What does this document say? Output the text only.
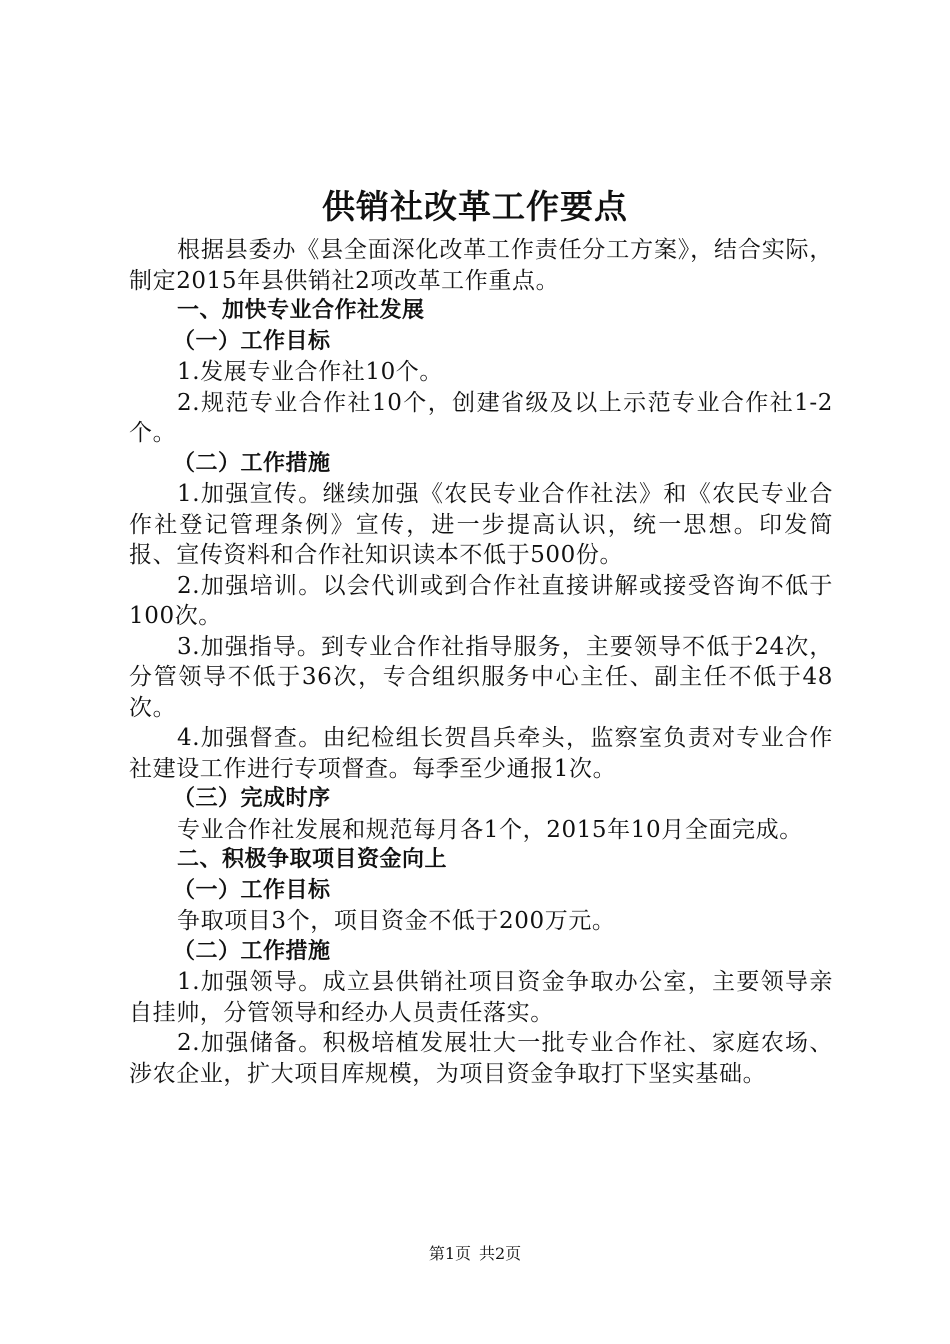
供销社改革工作要点

根据县委办《县全面深化改革工作责任分工方案》，结合实际，制定2015年县供销社2项改革工作重点。

一、加快专业合作社发展

（一）工作目标

1.发展专业合作社10个。

2.规范专业合作社10个，创建省级及以上示范专业合作社1-2个。

（二）工作措施

1.加强宣传。继续加强《农民专业合作社法》和《农民专业合作社登记管理条例》宣传，进一步提高认识，统一思想。印发简报、宣传资料和合作社知识读本不低于500份。

2.加强培训。以会代训或到合作社直接讲解或接受咨询不低于100次。

3.加强指导。到专业合作社指导服务，主要领导不低于24次，分管领导不低于36次，专合组织服务中心主任、副主任不低于48次。

4.加强督查。由纪检组长贺昌兵牵头，监察室负责对专业合作社建设工作进行专项督查。每季至少通报1次。

（三）完成时序

专业合作社发展和规范每月各1个，2015年10月全面完成。

二、积极争取项目资金向上

（一）工作目标

争取项目3个，项目资金不低于200万元。

（二）工作措施

1.加强领导。成立县供销社项目资金争取办公室，主要领导亲自挂帅，分管领导和经办人员责任落实。

2.加强储备。积极培植发展壮大一批专业合作社、家庭农场、涉农企业，扩大项目库规模，为项目资金争取打下坚实基础。

第1页 共2页
